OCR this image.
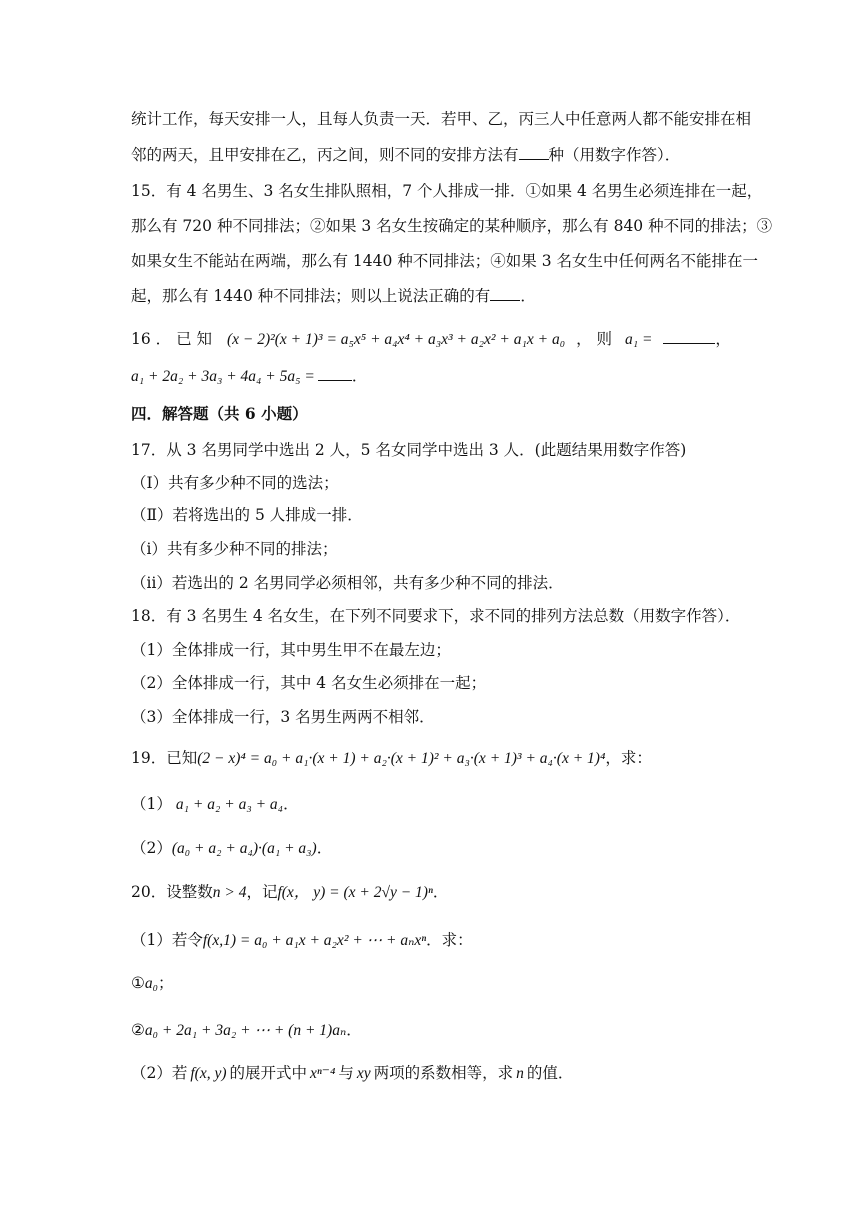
统计工作，每天安排一人，且每人负责一天．若甲、乙，丙三人中任意两人都不能安排在相
邻的两天，且甲安排在乙，丙之间，则不同的安排方法有 种（用数字作答）．
15．有 4 名男生、3 名女生排队照相，7 个人排成一排．①如果 4 名男生必须连排在一起，
那么有 720 种不同排法；②如果 3 名女生按确定的某种顺序，那么有 840 种不同的排法；③
如果女生不能站在两端，那么有 1440 种不同排法；④如果 3 名女生中任何两名不能排在一
起，那么有 1440 种不同排法；则以上说法正确的有 ．
16 ． 已 知 (x − 2)²(x + 1)³ = a₅x⁵ + a₄x⁴ + a₃x³ + a₂x² + a₁x + a₀ ， 则 a₁ =	，
a₁ + 2a₂ + 3a₃ + 4a₄ + 5a₅ = ．
四．解答题（共 6 小题）
17．从 3 名男同学中选出 2 人，5 名女同学中选出 3 人．(此题结果用数字作答)
（Ⅰ）共有多少种不同的选法；
（Ⅱ）若将选出的 5 人排成一排．
（ⅰ）共有多少种不同的排法；
（ⅱ）若选出的 2 名男同学必须相邻，共有多少种不同的排法．
18．有 3 名男生 4 名女生，在下列不同要求下，求不同的排列方法总数（用数字作答）．
（1）全体排成一行，其中男生甲不在最左边；
（2）全体排成一行，其中 4 名女生必须排在一起；
（3）全体排成一行，3 名男生两两不相邻．
19．已知(2 − x)⁴ = a₀ + a₁·(x + 1) + a₂·(x + 1)² + a₃·(x + 1)³ + a₄·(x + 1)⁴，求：
（1） a₁ + a₂ + a₃ + a₄．
（2）(a₀ + a₂ + a₄)·(a₁ + a₃)．
20．设整数n > 4，记f(x， y) = (x + 2√y − 1)ⁿ．
（1）若令f(x,1) = a₀ + a₁x + a₂x² + ⋯ + aₙxⁿ．求：
①a₀；
②a₀ + 2a₁ + 3a₂ + ⋯ + (n + 1)aₙ．
（2）若 f(x, y) 的展开式中 xⁿ⁻⁴ 与 xy 两项的系数相等，求 n 的值．
